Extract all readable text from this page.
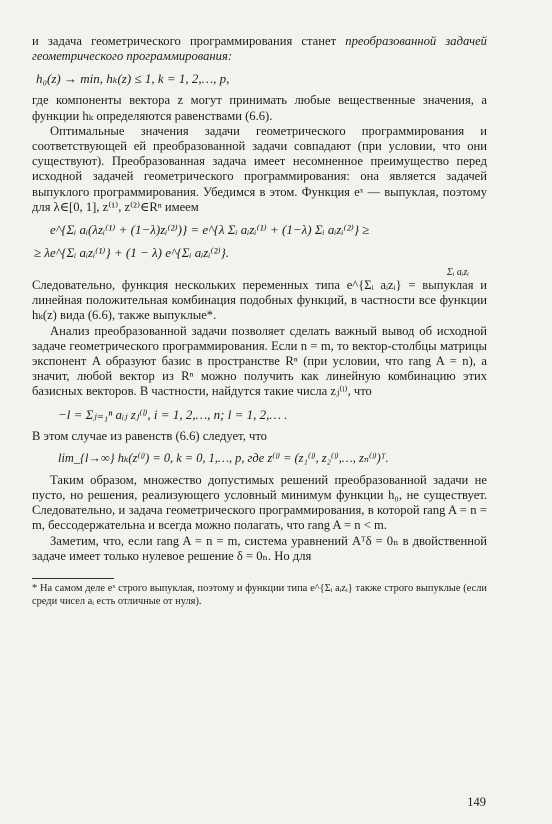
и задача геометрического программирования станет преобразованной задачей геометрического программирования:

h₀(z) → min, hₖ(z) ≤ 1, k = 1, 2,…, p,

где компоненты вектора z могут принимать любые вещественные значения, а функции hₖ определяются равенствами (6.6).

Оптимальные значения задачи геометрического программирования и соответствующей ей преобразованной задачи совпадают (при условии, что они существуют). Преобразованная задача имеет несомненное преимущество перед исходной задачей геометрического программирования: она является задачей выпуклого программирования. Убедимся в этом. Функция eˣ — выпуклая, поэтому для λ∈[0, 1], z⁽¹⁾, z⁽²⁾∈Rⁿ имеем

e^{Σᵢ aᵢ(λzᵢ⁽¹⁾ + (1−λ)zᵢ⁽²⁾)} = e^{λ Σᵢ aᵢzᵢ⁽¹⁾ + (1−λ) Σᵢ aᵢzᵢ⁽²⁾} ≥
≥ λe^{Σᵢ aᵢzᵢ⁽¹⁾} + (1 − λ) e^{Σᵢ aᵢzᵢ⁽²⁾}.
Σᵢ aᵢzᵢ

Следовательно, функция нескольких переменных типа e^{Σᵢ aᵢzᵢ} = выпуклая и линейная положительная комбинация подобных функций, в частности все функции hₖ(z) вида (6.6), также выпуклые*.

Анализ преобразованной задачи позволяет сделать важный вывод об исходной задаче геометрического программирования. Если n = m, то вектор-столбцы матрицы экспонент A образуют базис в пространстве Rⁿ (при условии, что rang A = n), а значит, любой вектор из Rⁿ можно получить как линейную комбинацию этих базисных векторов. В частности, найдутся такие числа zⱼ⁽ˡ⁾, что

−l = Σⱼ₌₁ⁿ aᵢⱼ zⱼ⁽ˡ⁾, i = 1, 2,…, n; l = 1, 2,… .

В этом случае из равенств (6.6) следует, что

lim_{l→∞} hₖ(z⁽ˡ⁾) = 0, k = 0, 1,…, p, где z⁽ˡ⁾ = (z₁⁽ˡ⁾, z₂⁽ˡ⁾,…, zₙ⁽ˡ⁾)ᵀ.

Таким образом, множество допустимых решений преобразованной задачи не пусто, но решения, реализующего условный минимум функции h₀, не существует. Следовательно, и задача геометрического программирования, в которой rang A = n = m, бессодержательна и всегда можно полагать, что rang A = n < m.

Заметим, что, если rang A = n = m, система уравнений Aᵀδ = 0ₙ в двойственной задаче имеет только нулевое решение δ = 0ₙ. Но для

* На самом деле eˣ строго выпуклая, поэтому и функции типа e^{Σᵢ aᵢzᵢ} также строго выпуклые (если среди чисел aᵢ есть отличные от нуля).

149
